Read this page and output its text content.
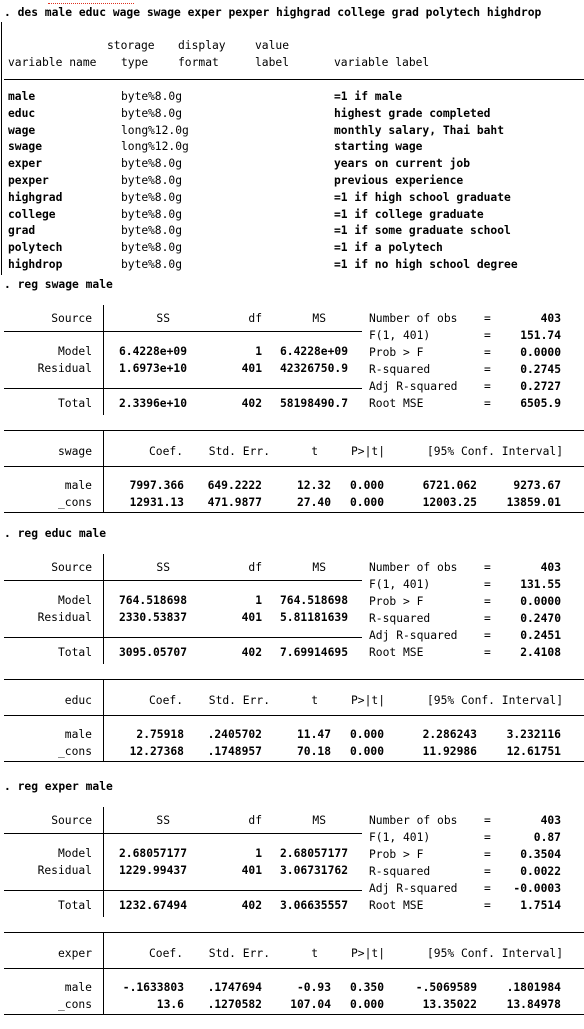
. des male educ wage swage exper pexper highgrad college grad polytech highdrop
storage display	value
variable name type	format	label	variable label
male	byte %8.0g	=1 if male
educ	byte %8.0g	highest grade completed
wage	long %12.0g	monthly salary, Thai baht
swage	long %12.0g	starting wage
exper	byte %8.0g	years on current job
pexper	byte %8.0g	previous experience
highgrad	byte %8.0g	=1 if high school graduate
college	byte %8.0g	=1 if college graduate
grad	byte %8.0g	=1 if some graduate school
polytech	byte %8.0g	=1 if a polytech
highdrop	byte %8.0g	=1 if no high school degree
. reg swage male
Source	SS	df	MS
Model 6.4228e+09	1	6.4228e+09
Residual 1.6973e+10	401	42326750.9
Total 2.3396e+10	402	58198490.7
Number of obs =	403
F(1, 401)	=	151.74
Prob > F	=	0.0000
R-squared	=	0.2745
Adj R-squared =	0.2727
Root MSE	=	6505.9
swage	Coef.	Std. Err.	t	P>|t|	[95% Conf. Interval]
male	7997.366	649.2222	12.32	0.000	6721.062	9273.67
_cons	12931.13	471.9877	27.40	0.000	12003.25	13859.01
. reg educ male
Source	SS	df	MS
Model 764.518698	1	764.518698
Residual 2330.53837	401	5.81181639
Total 3095.05707	402	7.69914695
Number of obs =	403
F(1, 401)	=	131.55
Prob > F	=	0.0000
R-squared	=	0.2470
Adj R-squared =	0.2451
Root MSE	=	2.4108
educ	Coef.	Std. Err.	t	P>|t|	[95% Conf. Interval]
male	2.75918	.2405702	11.47	0.000	2.286243	3.232116
_cons	12.27368	.1748957	70.18	0.000	11.92986	12.61751
. reg exper male
Source	SS	df	MS
Model 2.68057177	1	2.68057177
Residual 1229.99437	401	3.06731762
Total 1232.67494	402	3.06635557
Number of obs =	403
F(1, 401)	=	0.87
Prob > F	=	0.3504
R-squared	=	0.0022
Adj R-squared =	-0.0003
Root MSE	=	1.7514
exper	Coef.	Std. Err.	t	P>|t|	[95% Conf. Interval]
male	-.1633803	.1747694	-0.93	0.350	-.5069589	.1801984
_cons	13.6	.1270582	107.04	0.000	13.35022	13.84978
